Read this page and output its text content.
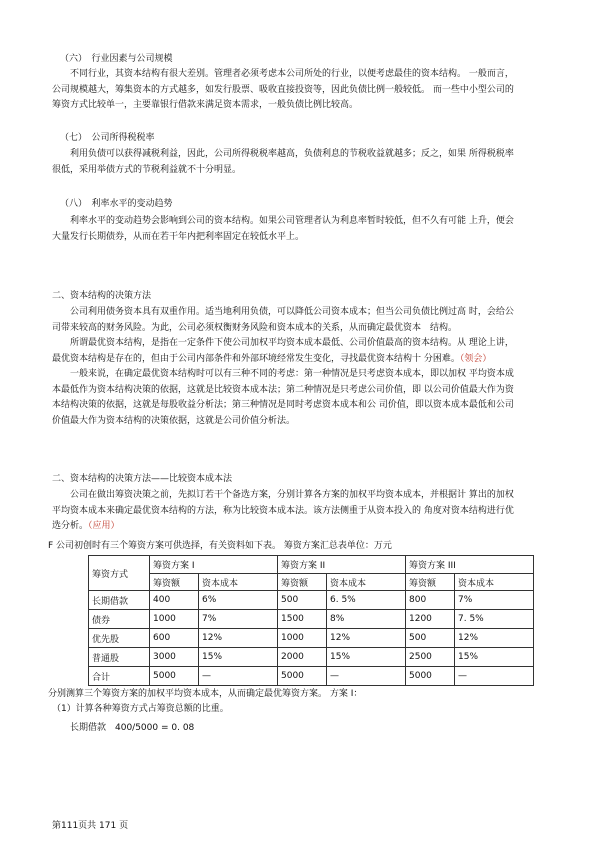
（六）　行业因素与公司规模
不同行业，其资本结构有很大差别。管理者必须考虑本公司所处的行业，以便考虑最佳的资本结构。 一般而言，
公司规模越大，筹集资本的方式越多，如发行股票、吸收直接投资等，因此负债比例一般较低。 而一些中小型公司的
筹资方式比较单一，主要靠银行借款来满足资本需求，一般负债比例比较高。
（七）　公司所得税税率
利用负债可以获得减税利益，因此，公司所得税税率越高，负债利息的节税收益就越多；反之，如果 所得税税率
很低，采用举债方式的节税利益就不十分明显。
（八）　利率水平的变动趋势
利率水平的变动趋势会影响到公司的资本结构。如果公司管理者认为利息率暂时较低，但不久有可能 上升，便会
大量发行长期债券，从而在若干年内把利率固定在较低水平上。
二、资本结构的决策方法
公司利用债务资本具有双重作用。适当地利用负债，可以降低公司资本成本；但当公司负债比例过高 时，会给公
司带来较高的财务风险。为此，公司必须权衡财务风险和资本成本的关系，从而确定最优资本　结构。
所谓最优资本结构，是指在一定条件下使公司加权平均资本成本最低、公司价值最高的资本结构。从 理论上讲，
最优资本结构是存在的，但由于公司内部条件和外部环境经常发生变化，寻找最优资本结构十 分困难。（领会）
一般来说，在确定最优资本结构时可以有三种不同的考虑：第一种情况是只考虑资本成本，即以加权 平均资本成
本最低作为资本结构决策的依据，这就是比较资本成本法；第二种情况是只考虑公司价值，即 以公司价值最大作为资
本结构决策的依据，这就是每股收益分析法；第三种情况是同时考虑资本成本和公 司价值，即以资本成本最低和公司
价值最大作为资本结构的决策依据，这就是公司价值分析法。
二、资本结构的决策方法——比较资本成本法
公司在做出筹资决策之前，先拟订若干个备选方案，分别计算各方案的加权平均资本成本，并根据计 算出的加权
平均资本成本来确定最优资本结构的方法，称为比较资本成本法。该方法侧重于从资本投入的 角度对资本结构进行优
选分析。（应用）
F 公司初创时有三个筹资方案可供选择，有关资料如下表。 筹资方案汇总表单位：万元
筹资方式	筹资方案 I		筹资方案 II		筹资方案 III	
	筹资额	资本成本	筹资额	资本成本	筹资额	资本成本
长期借款	400	6%	500	6. 5%	800	7%
债券	1000	7%	1500	8%	1200	7. 5%
优先股	600	12%	1000	12%	500	12%
普通股	3000	15%	2000	15%	2500	15%
合计	5000	—	5000	—	5000	—
分别测算三个筹资方案的加权平均资本成本，从而确定最优筹资方案。 方案 I：
（1）计算各种筹资方式占筹资总额的比重。
长期借款　400/5000 = 0. 08
第111页共 171 页
